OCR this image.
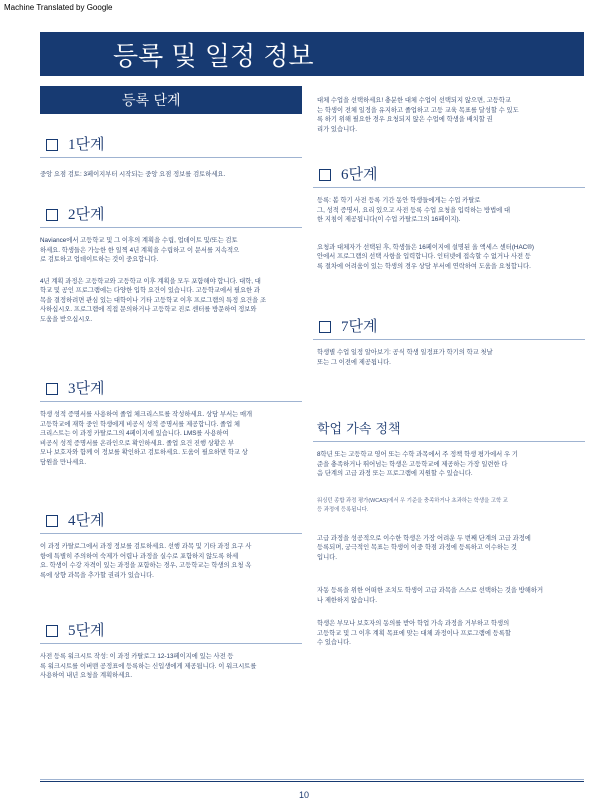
Machine Translated by Google
등록 및 일정 정보
등록 단계
1단계

중앙 요점 검토: 3페이지부터 시작되는 중앙 요점 정보를 검토하세요.

2단계

Naviance에서 고등학교 및 그 이후의 계획을 수립, 업데이트 및/또는 검토

하세요. 학생들은 가능한 한 일찍 4년 계획을 수립하고 이 문서를 지속적으

로 검토하고 업데이트하는 것이 중요합니다.

4년 계획 과정은 고등학교와 고등학교 이후 계획을 모두 포함해야 합니다. 대학, 대

학교 및 공인 프로그램에는 다양한 입학 요건이 있습니다. 고등학교에서 필요한 과

목을 결정하려면 관심 있는 대학이나 기타 고등학교 이후 프로그램의 특정 요건을 조

사하십시오. 프로그램에 직접 문의하거나 고등학교 진로 센터를 방문하여 정보와

도움을 받으십시오.

3단계

학생 성적 증명서를 사용하여 졸업 체크리스트를 작성하세요. 상담 부서는 매개

고등학교에 재학 중인 학생에게 비공식 성적 증명서를 제공합니다. 졸업 체

크리스트는 이 과정 카탈로그의 4페이지에 있습니다. LMS를 사용하여

비공식 성적 증명서를 온라인으로 확인하세요. 졸업 요건 진행 상황은 부

모나 보호자와 함께 이 정보를 확인하고 검토하세요. 도움이 필요하면 학교 상

담원을 만나세요.

4단계

이 과정 카탈로그에서 과정 정보를 검토하세요. 선행 과목 및 기타 과정 요구 사

항에 특별히 주의하여 숙제가 어렵나 과정을 실수로 포함하지 않도록 하세

요. 학생이 수강 자격이 있는 과정을 포함하는 경우, 고등학교는 학생의 요청 옥

록에 상향 과목을 추가할 권리가 있습니다.

5단계

사전 등록 워크시트 작성: 이 과정 카탈로그 12-13페이지에 있는 사전 등

록 워크시트를 이버맨 공정표에 등록하는 신입생에게 제공됩니다. 이 워크시트를

사용하여 내년 요청을 계획하세요.

대체 수업을 선택하세요! 충분한 대체 수업이 선택되지 않으면, 고등학교

는 학생이 전체 일정을 유지하고 졸업하고 고등 교육 목표를 달성할 수 있도

록 하기 위해 필요한 경우 요청되지 않은 수업에 학생을 배치할 권

리가 있습니다.

6단계

등록: 봄 학기 사전 등록 기간 동안 학생들에게는 수업 카탈로

그, 성적 증명서, 요리 있으고 사전 등록 수업 요청을 입력하는 방법에 대

한 지침이 제공됩니다(이 수업 카탈로그의 16페이지).

요청과 대체자가 선택된 후, 학생들은 16페이지에 설명된 올 액세스 센터(HAC®)

안에서 프로그램의 선택 사항을 입력합니다. 인터넷에 접속할 수 없거나 사전 등

록 절차에 어려움이 있는 학생의 경우 상담 부서에 연락하여 도움을 요청합니다.

7단계

학생별 수업 일정 알아보기: 공식 학생 일정표가 학기의 학교 첫날

또는 그 이전에 제공됩니다.

학업 가속 정책

8학년 또는 고등학교 영어 또는 수학 과목에서 주 정책 학생 평가에서 우 기

준을 충족하거나 뛰어넘는 학생은 고등학교에 제공하는 가장 일련한 다

음 단계의 고급 과정 또는 프로그램에 지원할 수 있습니다.

워싱턴 종합 과정 평가(WCAS)에서 우 기준을 충족하거나 초과하는 학생을 고학 교

등 과정에 등록됩니다.

고급 과정을 성공적으로 이수한 학생은 가장 어려운 두 번째 단계의 고급 과정에

등록되며, 궁극적인 목표는 학생이 이중 학점 과정에 등록하고 이수하는 것

입니다.

자동 등록을 위한 어떠한 조치도 학생이 고급 과목을 스스로 선택하는 것을 방해하거

나 제한하지 않습니다.

학생은 부모나 보호자의 동의를 받아 학업 가속 과정을 거부하고 학생의

고등학교 및 그 이후 계획 목표에 맞는 대체 과정이나 프로그램에 등록할

수 있습니다.

10
